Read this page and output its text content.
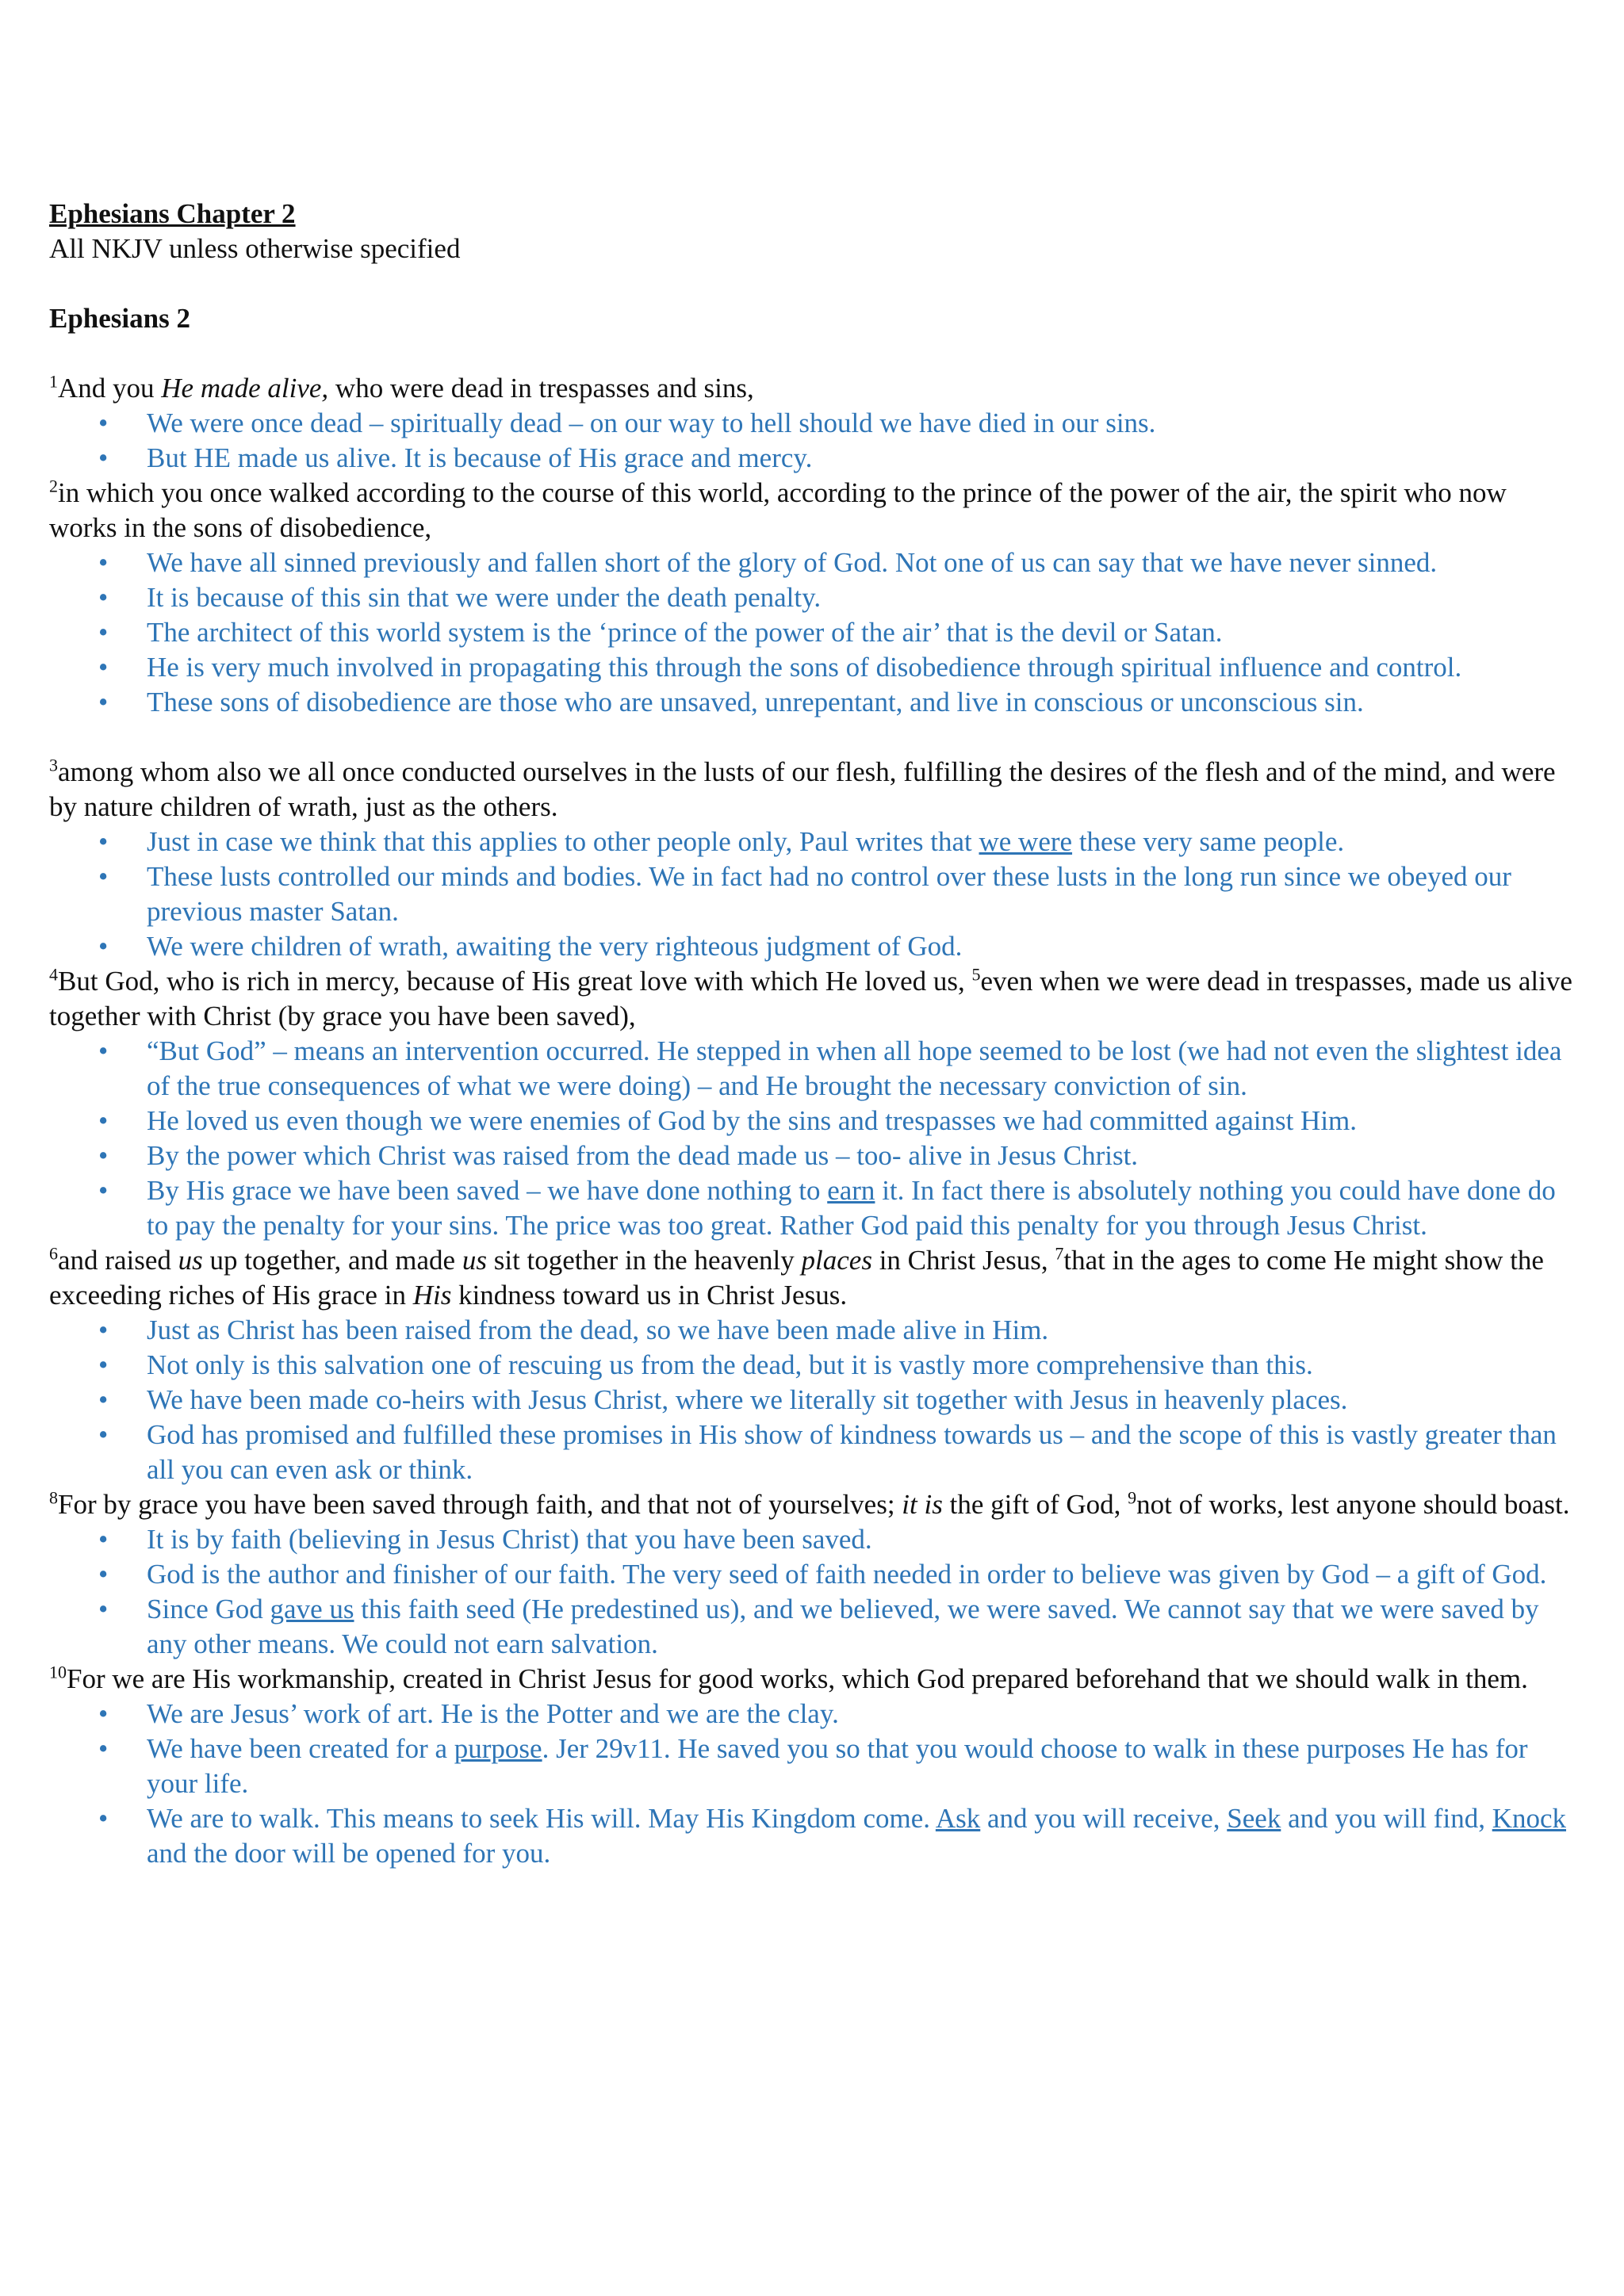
Ephesians Chapter 2
All NKJV unless otherwise specified
Ephesians 2
$^1$And you He made alive, who were dead in trespasses and sins,
• We were once dead – spiritually dead – on our way to hell should we have died in our sins.
• But HE made us alive. It is because of His grace and mercy.
$^2$in which you once walked according to the course of this world, according to the prince of the power of the air, the spirit who now works in the sons of disobedience,
• We have all sinned previously and fallen short of the glory of God. Not one of us can say that we have never sinned.
• It is because of this sin that we were under the death penalty.
• The architect of this world system is the ‘prince of the power of the air’ that is the devil or Satan.
• He is very much involved in propagating this through the sons of disobedience through spiritual influence and control.
• These sons of disobedience are those who are unsaved, unrepentant, and live in conscious or unconscious sin.
$^3$among whom also we all once conducted ourselves in the lusts of our flesh, fulfilling the desires of the flesh and of the mind, and were by nature children of wrath, just as the others.
• Just in case we think that this applies to other people only, Paul writes that we were these very same people.
• These lusts controlled our minds and bodies. We in fact had no control over these lusts in the long run since we obeyed our previous master Satan.
• We were children of wrath, awaiting the very righteous judgment of God.
$^4$But God, who is rich in mercy, because of His great love with which He loved us, $^5$even when we were dead in trespasses, made us alive together with Christ (by grace you have been saved),
• “But God” – means an intervention occurred. He stepped in when all hope seemed to be lost (we had not even the slightest idea of the true consequences of what we were doing) – and He brought the necessary conviction of sin.
• He loved us even though we were enemies of God by the sins and trespasses we had committed against Him.
• By the power which Christ was raised from the dead made us – too- alive in Jesus Christ.
• By His grace we have been saved – we have done nothing to earn it. In fact there is absolutely nothing you could have done do to pay the penalty for your sins. The price was too great. Rather God paid this penalty for you through Jesus Christ.
$^6$and raised us up together, and made us sit together in the heavenly places in Christ Jesus, $^7$that in the ages to come He might show the exceeding riches of His grace in His kindness toward us in Christ Jesus.
• Just as Christ has been raised from the dead, so we have been made alive in Him.
• Not only is this salvation one of rescuing us from the dead, but it is vastly more comprehensive than this.
• We have been made co-heirs with Jesus Christ, where we literally sit together with Jesus in heavenly places.
• God has promised and fulfilled these promises in His show of kindness towards us – and the scope of this is vastly greater than all you can even ask or think.
$^8$For by grace you have been saved through faith, and that not of yourselves; it is the gift of God, $^9$not of works, lest anyone should boast.
• It is by faith (believing in Jesus Christ) that you have been saved.
• God is the author and finisher of our faith. The very seed of faith needed in order to believe was given by God – a gift of God.
• Since God gave us this faith seed (He predestined us), and we believed, we were saved. We cannot say that we were saved by any other means. We could not earn salvation.
$^{10}$For we are His workmanship, created in Christ Jesus for good works, which God prepared beforehand that we should walk in them.
• We are Jesus’ work of art. He is the Potter and we are the clay.
• We have been created for a purpose. Jer 29v11. He saved you so that you would choose to walk in these purposes He has for your life.
• We are to walk. This means to seek His will. May His Kingdom come. Ask and you will receive, Seek and you will find, Knock and the door will be opened for you.
